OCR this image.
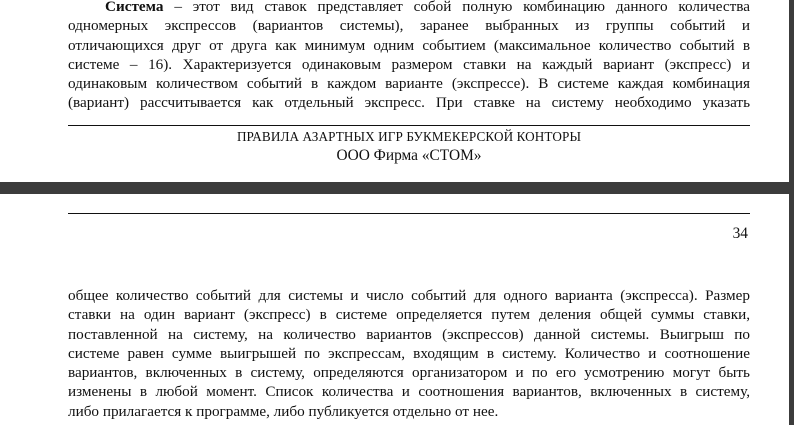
Система – этот вид ставок представляет собой полную комбинацию данного количества
одномерных экспрессов (вариантов системы), заранее выбранных из группы событий и
отличающихся друг от друга как минимум одним событием (максимальное количество событий в
системе – 16). Характеризуется одинаковым размером ставки на каждый вариант (экспресс) и
одинаковым количеством событий в каждом варианте (экспрессе). В системе каждая комбинация
(вариант) рассчитывается как отдельный экспресс. При ставке на систему необходимо указать

ПРАВИЛА АЗАРТНЫХ ИГР БУКМЕКЕРСКОЙ КОНТОРЫ
ООО Фирма «СТОМ»
34

общее количество событий для системы и число событий для одного варианта (экспресса). Размер
ставки на один вариант (экспресс) в системе определяется путем деления общей суммы ставки,
поставленной на систему, на количество вариантов (экспрессов) данной системы. Выигрыш по
системе равен сумме выигрышей по экспрессам, входящим в систему. Количество и соотношение
вариантов, включенных в систему, определяются организатором и по его усмотрению могут быть
изменены в любой момент. Список количества и соотношения вариантов, включенных в систему,
либо прилагается к программе, либо публикуется отдельно от нее.
